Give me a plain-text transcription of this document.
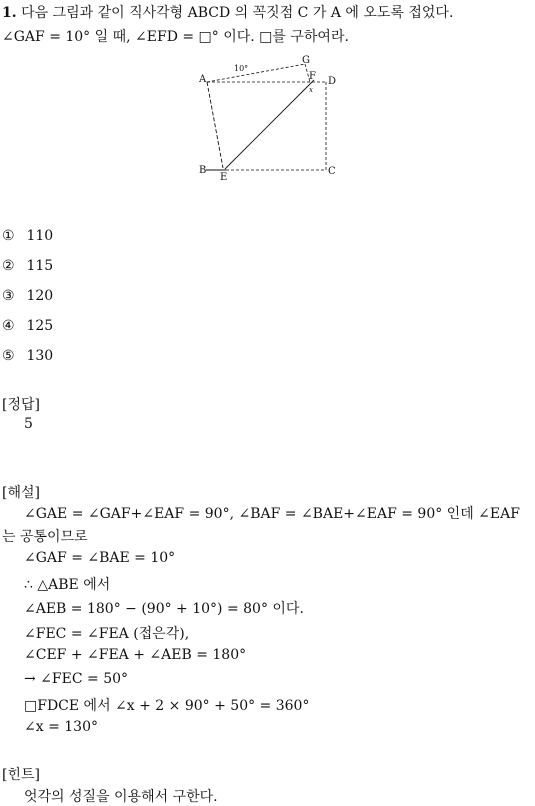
1. 다음 그림과 같이 직사각형 ABCD 의 꼭짓점 C 가 A 에 오도록 접었다.
∠GAF = 10° 일 때, ∠EFD = □° 이다. □를 구하여라.
A
B	C
D
E
F
G
x
10°
① 110
② 115
③ 120
④ 125
⑤ 130
[정답]
5
[해설]
∠GAE = ∠GAF+∠EAF = 90°, ∠BAF = ∠BAE+∠EAF = 90° 인데 ∠EAF
는 공통이므로
∠GAF = ∠BAE = 10°
∴ △ABE 에서
∠AEB = 180° − (90° + 10°) = 80° 이다.
∠FEC = ∠FEA (접은각),
∠CEF + ∠FEA + ∠AEB = 180°
→ ∠FEC = 50°
□FDCE 에서 ∠x + 2 × 90° + 50° = 360°
∠x = 130°
[힌트]
엇각의 성질을 이용해서 구한다.
